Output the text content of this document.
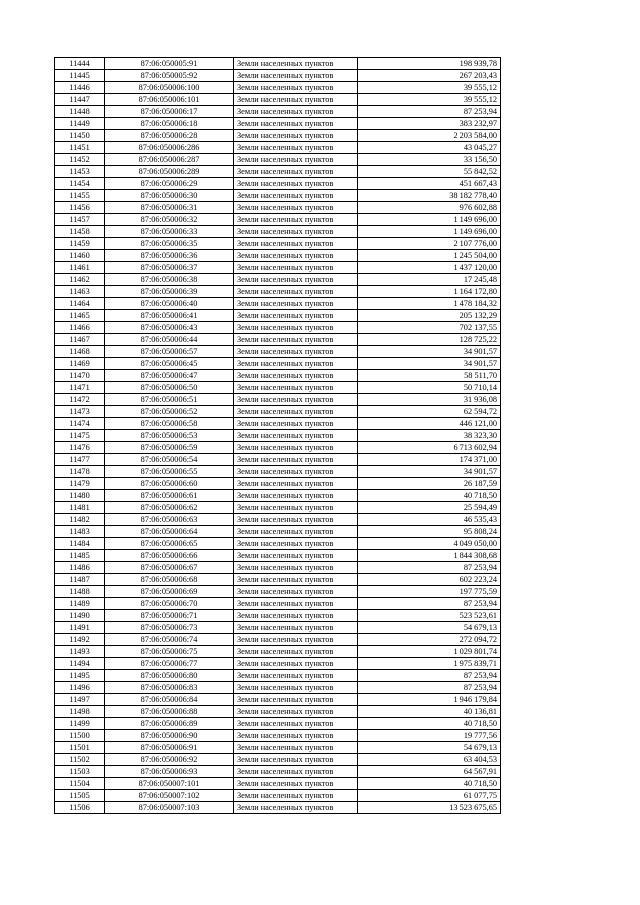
11444	87:06:050005:91	Земли населенных пунктов	198 939,78
11445	87:06:050005:92	Земли населенных пунктов	267 203,43
11446	87:06:050006:100	Земли населенных пунктов	39 555,12
11447	87:06:050006:101	Земли населенных пунктов	39 555,12
11448	87:06:050006:17	Земли населенных пунктов	87 253,94
11449	87:06:050006:18	Земли населенных пунктов	383 232,97
11450	87:06:050006:28	Земли населенных пунктов	2 203 584,00
11451	87:06:050006:286	Земли населенных пунктов	43 045,27
11452	87:06:050006:287	Земли населенных пунктов	33 156,50
11453	87:06:050006:289	Земли населенных пунктов	55 842,52
11454	87:06:050006:29	Земли населенных пунктов	451 667,43
11455	87:06:050006:30	Земли населенных пунктов	38 182 778,40
11456	87:06:050006:31	Земли населенных пунктов	976 602,88
11457	87:06:050006:32	Земли населенных пунктов	1 149 696,00
11458	87:06:050006:33	Земли населенных пунктов	1 149 696,00
11459	87:06:050006:35	Земли населенных пунктов	2 107 776,00
11460	87:06:050006:36	Земли населенных пунктов	1 245 504,00
11461	87:06:050006:37	Земли населенных пунктов	1 437 120,00
11462	87:06:050006:38	Земли населенных пунктов	17 245,48
11463	87:06:050006:39	Земли населенных пунктов	1 164 172,80
11464	87:06:050006:40	Земли населенных пунктов	1 478 184,32
11465	87:06:050006:41	Земли населенных пунктов	205 132,29
11466	87:06:050006:43	Земли населенных пунктов	702 137,55
11467	87:06:050006:44	Земли населенных пунктов	128 725,22
11468	87:06:050006:57	Земли населенных пунктов	34 901,57
11469	87:06:050006:45	Земли населенных пунктов	34 901,57
11470	87:06:050006:47	Земли населенных пунктов	58 511,70
11471	87:06:050006:50	Земли населенных пунктов	50 710,14
11472	87:06:050006:51	Земли населенных пунктов	31 936,08
11473	87:06:050006:52	Земли населенных пунктов	62 594,72
11474	87:06:050006:58	Земли населенных пунктов	446 121,00
11475	87:06:050006:53	Земли населенных пунктов	38 323,30
11476	87:06:050006:59	Земли населенных пунктов	6 713 602,94
11477	87:06:050006:54	Земли населенных пунктов	174 371,00
11478	87:06:050006:55	Земли населенных пунктов	34 901,57
11479	87:06:050006:60	Земли населенных пунктов	26 187,59
11480	87:06:050006:61	Земли населенных пунктов	40 718,50
11481	87:06:050006:62	Земли населенных пунктов	25 594,49
11482	87:06:050006:63	Земли населенных пунктов	46 535,43
11483	87:06:050006:64	Земли населенных пунктов	95 808,24
11484	87:06:050006:65	Земли населенных пунктов	4 049 050,00
11485	87:06:050006:66	Земли населенных пунктов	1 844 308,68
11486	87:06:050006:67	Земли населенных пунктов	87 253,94
11487	87:06:050006:68	Земли населенных пунктов	602 223,24
11488	87:06:050006:69	Земли населенных пунктов	197 775,59
11489	87:06:050006:70	Земли населенных пунктов	87 253,94
11490	87:06:050006:71	Земли населенных пунктов	523 523,61
11491	87:06:050006:73	Земли населенных пунктов	54 679,13
11492	87:06:050006:74	Земли населенных пунктов	272 094,72
11493	87:06:050006:75	Земли населенных пунктов	1 029 801,74
11494	87:06:050006:77	Земли населенных пунктов	1 975 839,71
11495	87:06:050006:80	Земли населенных пунктов	87 253,94
11496	87:06:050006:83	Земли населенных пунктов	87 253,94
11497	87:06:050006:84	Земли населенных пунктов	1 946 179,84
11498	87:06:050006:88	Земли населенных пунктов	40 136,81
11499	87:06:050006:89	Земли населенных пунктов	40 718,50
11500	87:06:050006:90	Земли населенных пунктов	19 777,56
11501	87:06:050006:91	Земли населенных пунктов	54 679,13
11502	87:06:050006:92	Земли населенных пунктов	63 404,53
11503	87:06:050006:93	Земли населенных пунктов	64 567,91
11504	87:06:050007:101	Земли населенных пунктов	40 718,50
11505	87:06:050007:102	Земли населенных пунктов	61 077,75
11506	87:06:050007:103	Земли населенных пунктов	13 523 675,65
